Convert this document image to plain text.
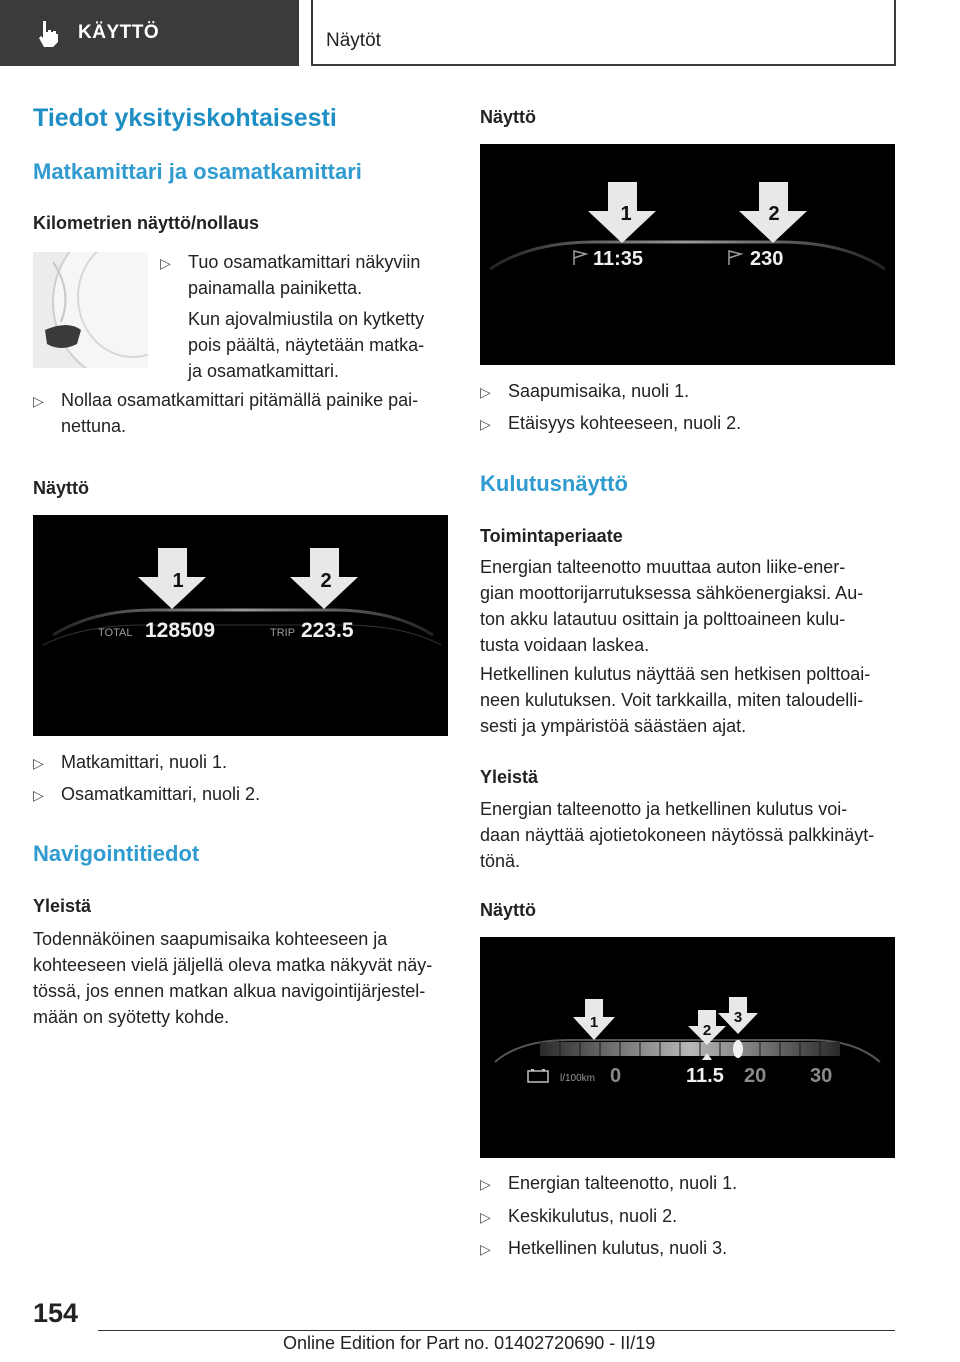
KÄYTTÖ	Näytöt
Tiedot yksityiskohtaisesti
Matkamittari ja osamatkamittari
Kilometrien näyttö/nollaus
▷ Tuo osamatkamittari näkyviin
painamalla painiketta.
Kun ajovalmiustila on kytketty
pois päältä, näytetään matka-
ja osamatkamittari.
▷ Nollaa osamatkamittari pitämällä painike pai-
nettuna.
Näyttö
1	2
TOTAL 128509	TRIP 223.5
▷ Matkamittari, nuoli 1.
▷ Osamatkamittari, nuoli 2.
Navigointitiedot
Yleistä
Todennäköinen saapumisaika kohteeseen ja
kohteeseen vielä jäljellä oleva matka näkyvät näy-
tössä, jos ennen matkan alkua navigointijärjestel-
mään on syötetty kohde.
Näyttö
1	2
11:35	230
▷ Saapumisaika, nuoli 1.
▷ Etäisyys kohteeseen, nuoli 2.
Kulutusnäyttö
Toimintaperiaate
Energian talteenotto muuttaa auton liike-ener-
gian moottorijarrutuksessa sähköenergiaksi. Au-
ton akku latautuu osittain ja polttoaineen kulu-
tusta voidaan laskea.
Hetkellinen kulutus näyttää sen hetkisen polttoai-
neen kulutuksen. Voit tarkkailla, miten taloudelli-
sesti ja ympäristöä säästäen ajat.
Yleistä
Energian talteenotto ja hetkellinen kulutus voi-
daan näyttää ajotietokoneen näytössä palkkinäyt-
tönä.
Näyttö
1	2
3
l/100km 0	11.5 20 30
▷ Energian talteenotto, nuoli 1.
▷ Keskikulutus, nuoli 2.
▷ Hetkellinen kulutus, nuoli 3.
154
Online Edition for Part no. 01402720690 - II/19
